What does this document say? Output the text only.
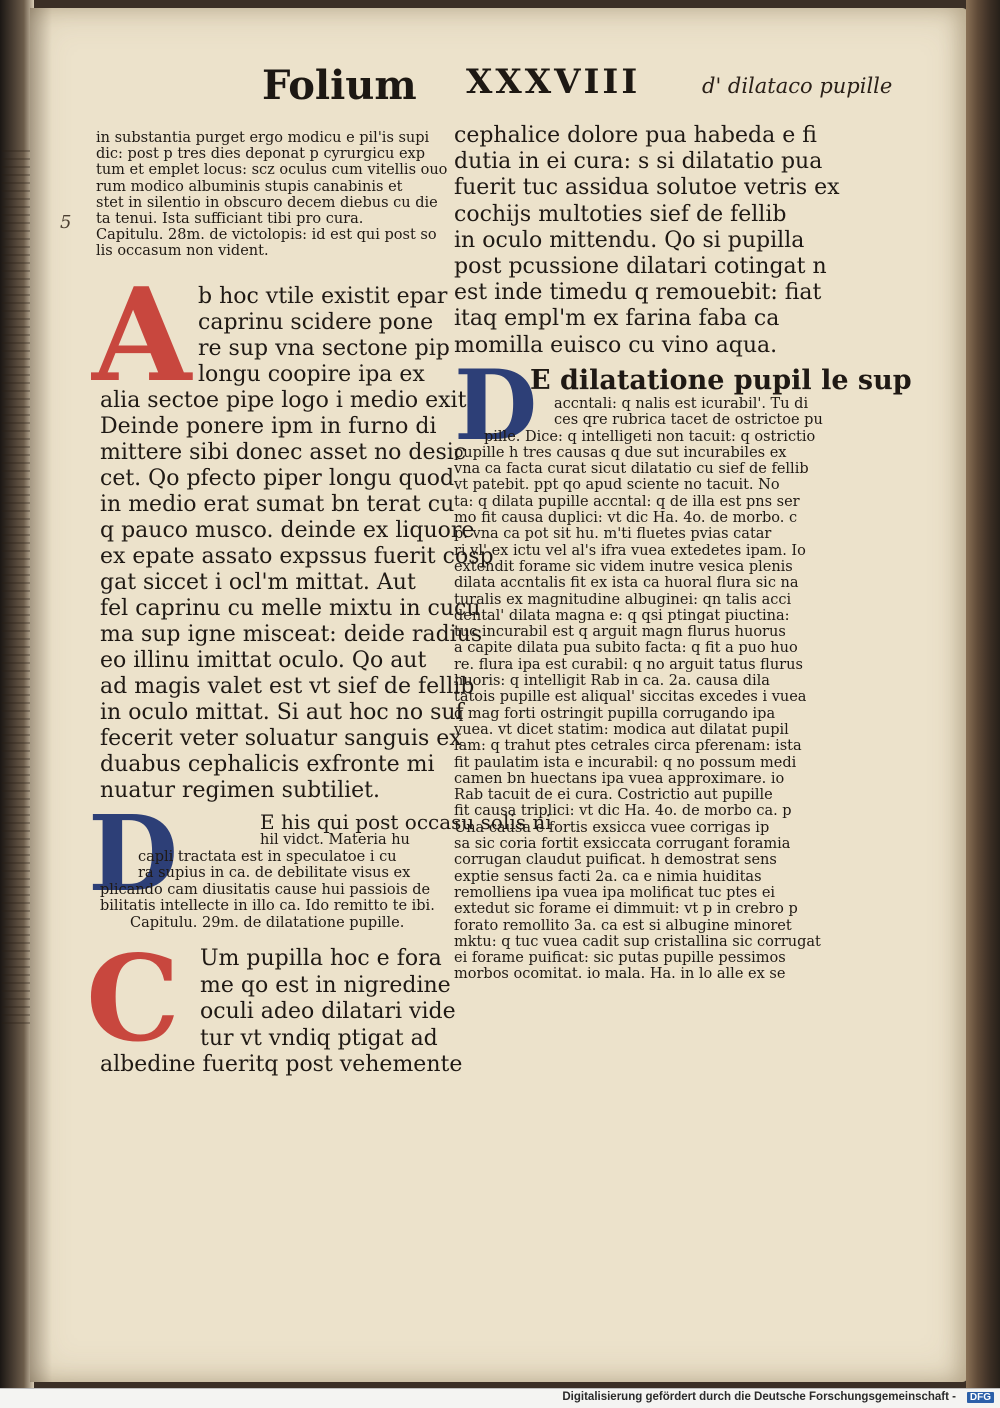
Folium XXXVIII	d' dilataco pupille
5
in substantia purget ergo modicu e pil'is supi
dic: post p tres dies deponat p cyrurgicu exp
tum et emplet locus: scz oculus cum vitellis ouo
rum modico albuminis stupis canabinis et
stet in silentio in obscuro decem diebus cu die
ta tenui. Ista sufficiant tibi pro cura.
Capitulu. 28m. de victolopis: id est qui post so
lis occasum non vident.
A b hoc vtile existit epar
caprinu scidere pone
re sup vna sectone pip
longu coopire ipa ex
alia sectoe pipe logo i medio exite
Deinde ponere ipm in furno di
mittere sibi donec asset no desic
cet. Qo pfecto piper longu quod
in medio erat sumat bn terat cu
q pauco musco. deinde ex liquore
ex epate assato expssus fuerit cosp
gat siccet i ocl'm mittat. Aut
fel caprinu cu melle mixtu in cucu
ma sup igne misceat: deide radius
eo illinu imittat oculo. Qo aut
ad magis valet est vt sief de fellib
in oculo mittat. Si aut hoc no suf
fecerit veter soluatur sanguis ex
duabus cephalicis exfronte mi
nuatur regimen subtiliet.
D	E his qui post occasu solis ni
hil vidct. Materia hu
capli tractata est in speculatoe i cu
ra supius in ca. de debilitate visus ex
plicando cam diusitatis cause hui passiois de
bilitatis intellecte in illo ca. Ido remitto te ibi.
Capitulu. 29m. de dilatatione pupille.
C Um pupilla hoc e fora
me qo est in nigredine
oculi adeo dilatari vide
tur vt vndiq ptigat ad
albedine fueritq post vehemente
cephalice dolore pua habeda e fi
dutia in ei cura: s si dilatatio pua
fuerit tuc assidua solutoe vetris ex
cochijs multoties sief de fellib
in oculo mittendu. Qo si pupilla
post pcussione dilatari cotingat n
est inde timedu q remouebit: fiat
itaq empl'm ex farina faba ca
momilla euisco cu vino aqua.
D
E dilatatione pupil le sup
accntali: q nalis est icurabil'. Tu di
ces qre rubrica tacet de ostrictoe pu
pille. Dice: q intelligeti non tacuit: q ostrictio
pupille h tres causas q due sut incurabiles ex
vna ca facta curat sicut dilatatio cu sief de fellib
vt patebit. ppt qo apud sciente no tacuit. No
ta: q dilata pupille accntal: q de illa est pns ser
mo fit causa duplici: vt dic Ha. 4o. de morbo. c
p. vna ca pot sit hu. m'ti fluetes pvias catar
ri vl' ex ictu vel al's ifra vuea extedetes ipam. Io
extendit forame sic videm inutre vesica plenis
dilata accntalis fit ex ista ca huoral flura sic na
turalis ex magnitudine albuginei: qn talis acci
dental' dilata magna e: q qsi ptingat piuctina:
tuc incurabil est q arguit magn flurus huorus
a capite dilata pua subito facta: q fit a puo huo
re. flura ipa est curabil: q no arguit tatus flurus
huoris: q intelligit Rab in ca. 2a. causa dila
tatois pupille est aliqual' siccitas excedes i vuea
q mag forti ostringit pupilla corrugando ipa
vuea. vt dicet statim: modica aut dilatat pupil
lam: q trahut ptes cetrales circa pferenam: ista
fit paulatim ista e incurabil: q no possum medi
camen bn huectans ipa vuea approximare. io
Rab tacuit de ei cura. Costrictio aut pupille
fit causa triplici: vt dic Ha. 4o. de morbo ca. p
Una causa e fortis exsicca vuee corrigas ip
sa sic coria fortit exsiccata corrugant foramia
corrugan claudut puificat. h demostrat sens
exptie sensus facti 2a. ca e nimia huiditas
remolliens ipa vuea ipa molificat tuc ptes ei
extedut sic forame ei dimmuit: vt p in crebro p
forato remollito 3a. ca est si albugine minoret
mktu: q tuc vuea cadit sup cristallina sic corrugat
ei forame puificat: sic putas pupille pessimos
morbos ocomitat. io mala. Ha. in lo alle ex se
Digitalisierung gefördert durch die Deutsche Forschungsgemeinschaft -	DFG
